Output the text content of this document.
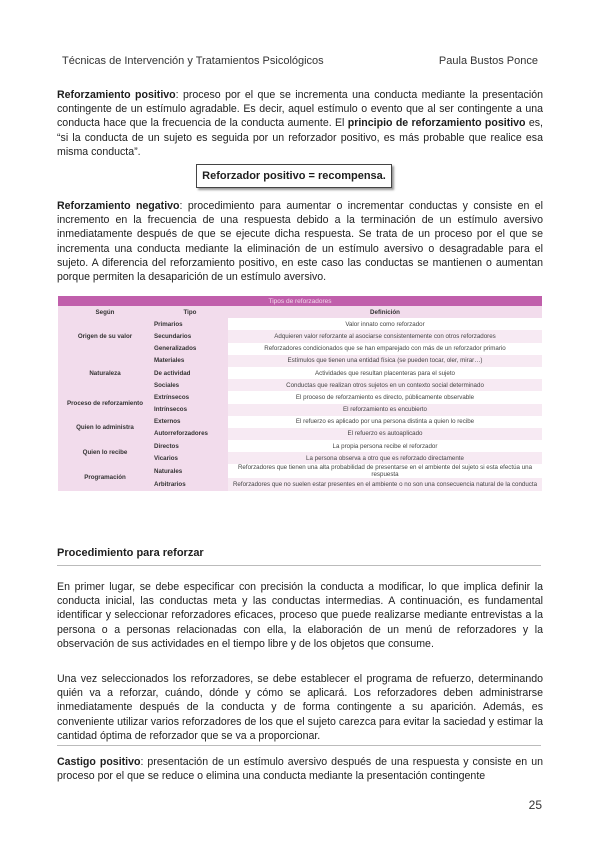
Técnicas de Intervención y Tratamientos Psicológicos	Paula Bustos Ponce
Reforzamiento positivo: proceso por el que se incrementa una conducta mediante la presentación contingente de un estímulo agradable. Es decir, aquel estímulo o evento que al ser contingente a una conducta hace que la frecuencia de la conducta aumente. El principio de reforzamiento positivo es, “si la conducta de un sujeto es seguida por un reforzador positivo, es más probable que realice esa misma conducta”.
Reforzador positivo = recompensa.
Reforzamiento negativo: procedimiento para aumentar o incrementar conductas y consiste en el incremento en la frecuencia de una respuesta debido a la terminación de un estímulo aversivo inmediatamente después de que se ejecute dicha respuesta. Se trata de un proceso por el que se incrementa una conducta mediante la eliminación de un estímulo aversivo o desagradable para el sujeto. A diferencia del reforzamiento positivo, en este caso las conductas se mantienen o aumentan porque permiten la desaparición de un estímulo aversivo.
Tipos de reforzadores		
Según	Tipo	Definición
Origen de su valor	Primarios	Valor innato como reforzador
	Secundarios	Adquieren valor reforzante al asociarse consistentemente con otros reforzadores
	Generalizados	Reforzadores condicionados que se han emparejado con más de un reforzador primario
Naturaleza	Materiales	Estímulos que tienen una entidad física (se pueden tocar, oler, mirar…)
	De actividad	Actividades que resultan placenteras para el sujeto
	Sociales	Conductas que realizan otros sujetos en un contexto social determinado
Proceso de reforzamiento	Extrínsecos	El proceso de reforzamiento es directo, públicamente observable
	Intrínsecos	El reforzamiento es encubierto
Quien lo administra	Externos	El refuerzo es aplicado por una persona distinta a quien lo recibe
	Autorreforzadores	El refuerzo es autoaplicado
Quien lo recibe	Directos	La propia persona recibe el reforzador
	Vicarios	La persona observa a otro que es reforzado directamente
Programación	Naturales	Reforzadores que tienen una alta probabilidad de presentarse en el ambiente del sujeto si esta efectúa una respuesta
	Arbitrarios	Reforzadores que no suelen estar presentes en el ambiente o no son una consecuencia natural de la conducta
Procedimiento para reforzar
En primer lugar, se debe especificar con precisión la conducta a modificar, lo que implica definir la conducta inicial, las conductas meta y las conductas intermedias. A continuación, es fundamental identificar y seleccionar reforzadores eficaces, proceso que puede realizarse mediante entrevistas a la persona o a personas relacionadas con ella, la elaboración de un menú de reforzadores y la observación de sus actividades en el tiempo libre y de los objetos que consume.
Una vez seleccionados los reforzadores, se debe establecer el programa de refuerzo, determinando quién va a reforzar, cuándo, dónde y cómo se aplicará. Los reforzadores deben administrarse inmediatamente después de la conducta y de forma contingente a su aparición. Además, es conveniente utilizar varios reforzadores de los que el sujeto carezca para evitar la saciedad y estimar la cantidad óptima de reforzador que se va a proporcionar.
Castigo positivo: presentación de un estímulo aversivo después de una respuesta y consiste en un proceso por el que se reduce o elimina una conducta mediante la presentación contingente
25
